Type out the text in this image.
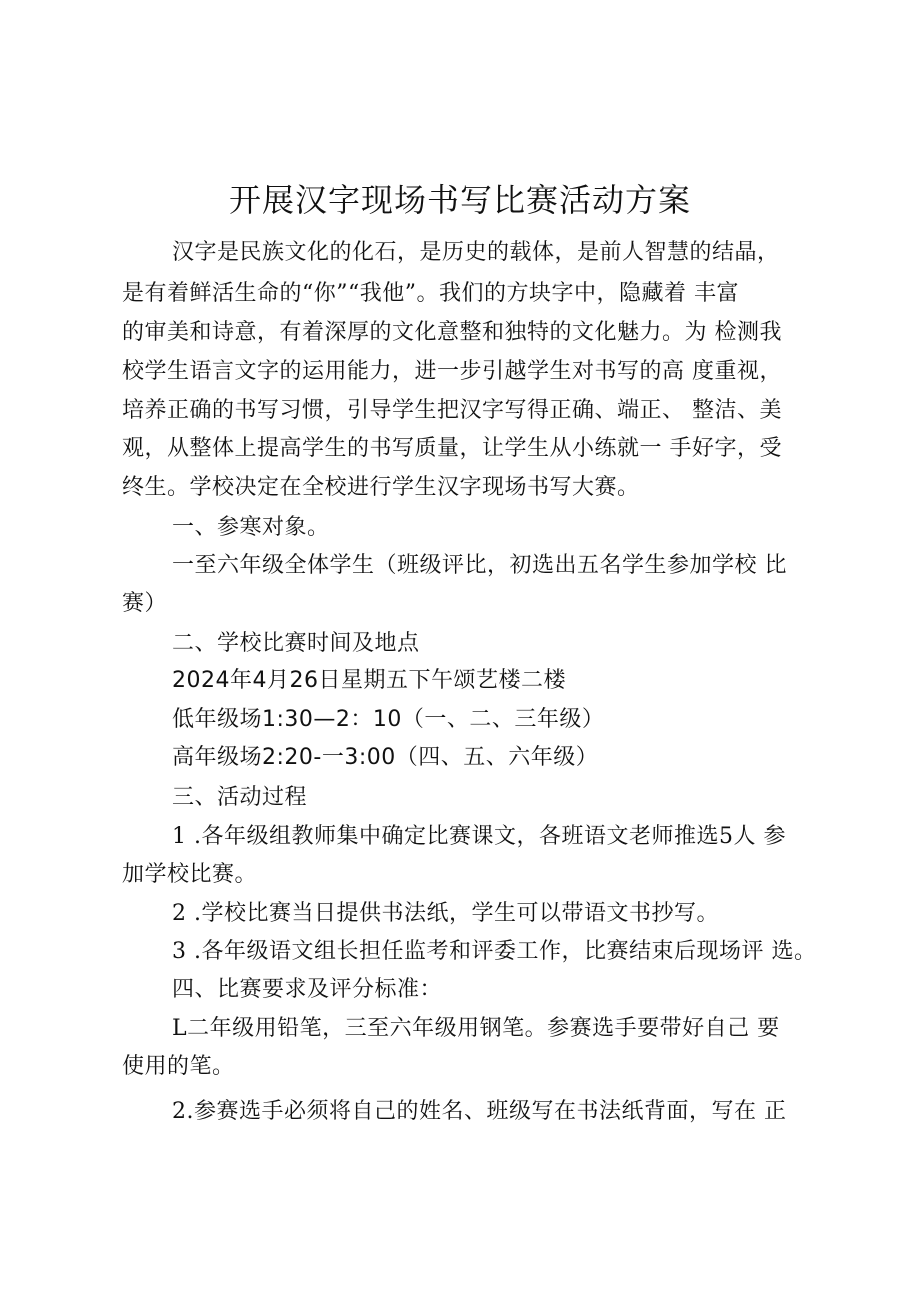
开展汉字现场书写比赛活动方案
汉字是民族文化的化石，是历史的载体，是前人智慧的结晶，
是有着鲜活生命的“你”“我他”。我们的方块字中，隐藏着 丰富
的审美和诗意，有着深厚的文化意整和独特的文化魅力。为 检测我
校学生语言文字的运用能力，进一步引越学生对书写的高 度重视，
培养正确的书写习惯，引导学生把汉字写得正确、端正、 整洁、美
观，从整体上提高学生的书写质量，让学生从小练就一 手好字，受
终生。学校决定在全校进行学生汉字现场书写大赛。
一、参寒对象。
一至六年级全体学生（班级评比，初选出五名学生参加学校 比
赛）
二、学校比赛时间及地点
2024年4月26日星期五下午颂艺楼二楼
低年级场1:30—2：10（一、二、三年级）
高年级场2:20-一3:00（四、五、六年级）
三、活动过程
1 .各年级组教师集中确定比赛课文，各班语文老师推选5人 参
加学校比赛。
2 .学校比赛当日提供书法纸，学生可以带语文书抄写。
3 .各年级语文组长担任监考和评委工作，比赛结束后现场评 选。
四、比赛要求及评分标准：
L二年级用铅笔，三至六年级用钢笔。参赛选手要带好自己 要
使用的笔。
2.参赛选手必须将自己的姓名、班级写在书法纸背面，写在 正
